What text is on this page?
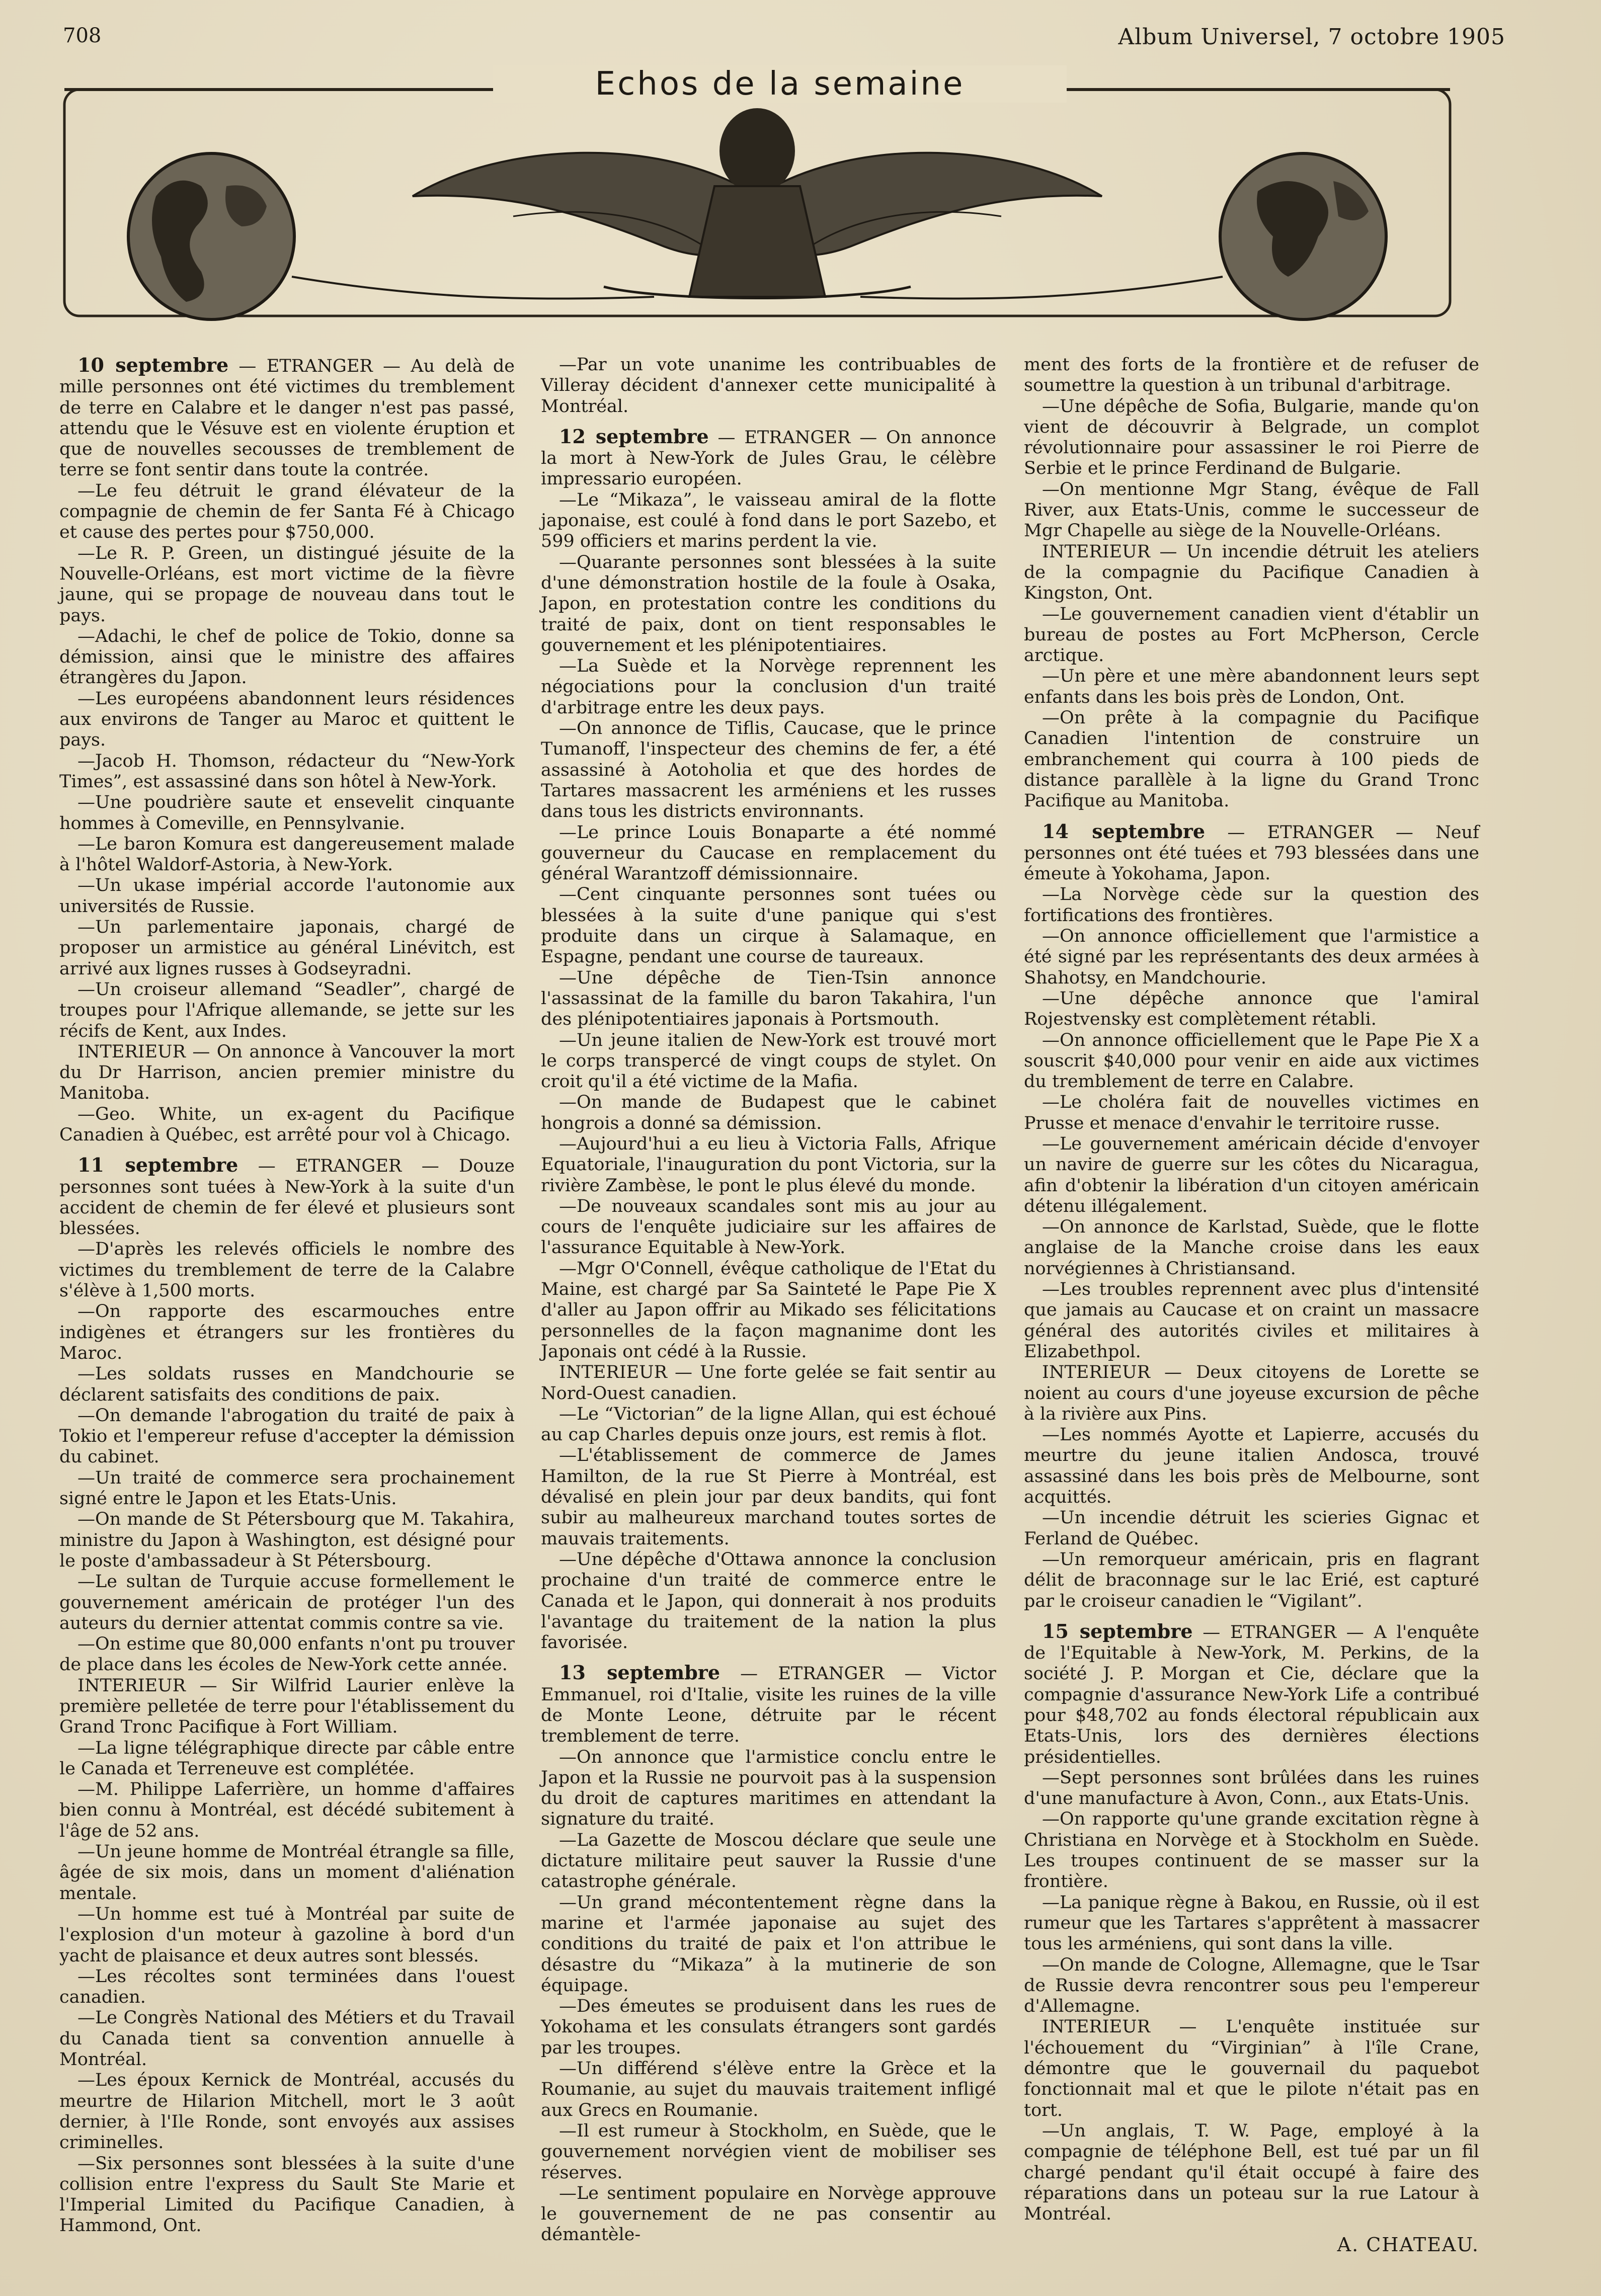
708	Album Universel, 7 octobre 1905
Echos de la semaine

10 septembre — ETRANGER — Au delà de mille personnes ont été victimes du tremblement de terre en Calabre et le danger n'est pas passé, attendu que le Vésuve est en violente éruption et que de nouvelles secousses de tremblement de terre se font sentir dans toute la contrée.

—Le feu détruit le grand élévateur de la compagnie de chemin de fer Santa Fé à Chicago et cause des pertes pour $750,000.

—Le R. P. Green, un distingué jésuite de la Nouvelle-Orléans, est mort victime de la fièvre jaune, qui se propage de nouveau dans tout le pays.

—Adachi, le chef de police de Tokio, donne sa démission, ainsi que le ministre des affaires étrangères du Japon.

—Les européens abandonnent leurs résidences aux environs de Tanger au Maroc et quittent le pays.

—Jacob H. Thomson, rédacteur du “New-York Times”, est assassiné dans son hôtel à New-York.

—Une poudrière saute et ensevelit cinquante hommes à Comeville, en Pennsylvanie.

—Le baron Komura est dangereusement malade à l'hôtel Waldorf-Astoria, à New-York.

—Un ukase impérial accorde l'autonomie aux universités de Russie.

—Un parlementaire japonais, chargé de proposer un armistice au général Linévitch, est arrivé aux lignes russes à Godseyradni.

—Un croiseur allemand “Seadler”, chargé de troupes pour l'Afrique allemande, se jette sur les récifs de Kent, aux Indes.

INTERIEUR — On annonce à Vancouver la mort du Dr Harrison, ancien premier ministre du Manitoba.

—Geo. White, un ex-agent du Pacifique Canadien à Québec, est arrêté pour vol à Chicago.

11 septembre — ETRANGER — Douze personnes sont tuées à New-York à la suite d'un accident de chemin de fer élevé et plusieurs sont blessées.

—D'après les relevés officiels le nombre des victimes du tremblement de terre de la Calabre s'élève à 1,500 morts.

—On rapporte des escarmouches entre indigènes et étrangers sur les frontières du Maroc.

—Les soldats russes en Mandchourie se déclarent satisfaits des conditions de paix.

—On demande l'abrogation du traité de paix à Tokio et l'empereur refuse d'accepter la démission du cabinet.

—Un traité de commerce sera prochainement signé entre le Japon et les Etats-Unis.

—On mande de St Pétersbourg que M. Takahira, ministre du Japon à Washington, est désigné pour le poste d'ambassadeur à St Pétersbourg.

—Le sultan de Turquie accuse formellement le gouvernement américain de protéger l'un des auteurs du dernier attentat commis contre sa vie.

—On estime que 80,000 enfants n'ont pu trouver de place dans les écoles de New-York cette année.

INTERIEUR — Sir Wilfrid Laurier enlève la première pelletée de terre pour l'établissement du Grand Tronc Pacifique à Fort William.

—La ligne télégraphique directe par câble entre le Canada et Terreneuve est complétée.

—M. Philippe Laferrière, un homme d'affaires bien connu à Montréal, est décédé subitement à l'âge de 52 ans.

—Un jeune homme de Montréal étrangle sa fille, âgée de six mois, dans un moment d'aliénation mentale.

—Un homme est tué à Montréal par suite de l'explosion d'un moteur à gazoline à bord d'un yacht de plaisance et deux autres sont blessés.

—Les récoltes sont terminées dans l'ouest canadien.

—Le Congrès National des Métiers et du Travail du Canada tient sa convention annuelle à Montréal.

—Les époux Kernick de Montréal, accusés du meurtre de Hilarion Mitchell, mort le 3 août dernier, à l'Ile Ronde, sont envoyés aux assises criminelles.

—Six personnes sont blessées à la suite d'une collision entre l'express du Sault Ste Marie et l'Imperial Limited du Pacifique Canadien, à Hammond, Ont.

—Par un vote unanime les contribuables de Villeray décident d'annexer cette municipalité à Montréal.

12 septembre — ETRANGER — On annonce la mort à New-York de Jules Grau, le célèbre impressario européen.

—Le “Mikaza”, le vaisseau amiral de la flotte japonaise, est coulé à fond dans le port Sazebo, et 599 officiers et marins perdent la vie.

—Quarante personnes sont blessées à la suite d'une démonstration hostile de la foule à Osaka, Japon, en protestation contre les conditions du traité de paix, dont on tient responsables le gouvernement et les plénipotentiaires.

—La Suède et la Norvège reprennent les négociations pour la conclusion d'un traité d'arbitrage entre les deux pays.

—On annonce de Tiflis, Caucase, que le prince Tumanoff, l'inspecteur des chemins de fer, a été assassiné à Aotoholia et que des hordes de Tartares massacrent les arméniens et les russes dans tous les districts environnants.

—Le prince Louis Bonaparte a été nommé gouverneur du Caucase en remplacement du général Warantzoff démissionnaire.

—Cent cinquante personnes sont tuées ou blessées à la suite d'une panique qui s'est produite dans un cirque à Salamaque, en Espagne, pendant une course de taureaux.

—Une dépêche de Tien-Tsin annonce l'assassinat de la famille du baron Takahira, l'un des plénipotentiaires japonais à Portsmouth.

—Un jeune italien de New-York est trouvé mort le corps transpercé de vingt coups de stylet. On croit qu'il a été victime de la Mafia.

—On mande de Budapest que le cabinet hongrois a donné sa démission.

—Aujourd'hui a eu lieu à Victoria Falls, Afrique Equatoriale, l'inauguration du pont Victoria, sur la rivière Zambèse, le pont le plus élevé du monde.

—De nouveaux scandales sont mis au jour au cours de l'enquête judiciaire sur les affaires de l'assurance Equitable à New-York.

—Mgr O'Connell, évêque catholique de l'Etat du Maine, est chargé par Sa Sainteté le Pape Pie X d'aller au Japon offrir au Mikado ses félicitations personnelles de la façon magnanime dont les Japonais ont cédé à la Russie.

INTERIEUR — Une forte gelée se fait sentir au Nord-Ouest canadien.

—Le “Victorian” de la ligne Allan, qui est échoué au cap Charles depuis onze jours, est remis à flot.

—L'établissement de commerce de James Hamilton, de la rue St Pierre à Montréal, est dévalisé en plein jour par deux bandits, qui font subir au malheureux marchand toutes sortes de mauvais traitements.

—Une dépêche d'Ottawa annonce la conclusion prochaine d'un traité de commerce entre le Canada et le Japon, qui donnerait à nos produits l'avantage du traitement de la nation la plus favorisée.

13 septembre — ETRANGER — Victor Emmanuel, roi d'Italie, visite les ruines de la ville de Monte Leone, détruite par le récent tremblement de terre.

—On annonce que l'armistice conclu entre le Japon et la Russie ne pourvoit pas à la suspension du droit de captures maritimes en attendant la signature du traité.

—La Gazette de Moscou déclare que seule une dictature militaire peut sauver la Russie d'une catastrophe générale.

—Un grand mécontentement règne dans la marine et l'armée japonaise au sujet des conditions du traité de paix et l'on attribue le désastre du “Mikaza” à la mutinerie de son équipage.

—Des émeutes se produisent dans les rues de Yokohama et les consulats étrangers sont gardés par les troupes.

—Un différend s'élève entre la Grèce et la Roumanie, au sujet du mauvais traitement infligé aux Grecs en Roumanie.

—Il est rumeur à Stockholm, en Suède, que le gouvernement norvégien vient de mobiliser ses réserves.

—Le sentiment populaire en Norvège approuve le gouvernement de ne pas consentir au démantèle-

ment des forts de la frontière et de refuser de soumettre la question à un tribunal d'arbitrage.

—Une dépêche de Sofia, Bulgarie, mande qu'on vient de découvrir à Belgrade, un complot révolutionnaire pour assassiner le roi Pierre de Serbie et le prince Ferdinand de Bulgarie.

—On mentionne Mgr Stang, évêque de Fall River, aux Etats-Unis, comme le successeur de Mgr Chapelle au siège de la Nouvelle-Orléans.

INTERIEUR — Un incendie détruit les ateliers de la compagnie du Pacifique Canadien à Kingston, Ont.

—Le gouvernement canadien vient d'établir un bureau de postes au Fort McPherson, Cercle arctique.

—Un père et une mère abandonnent leurs sept enfants dans les bois près de London, Ont.

—On prête à la compagnie du Pacifique Canadien l'intention de construire un embranchement qui courra à 100 pieds de distance parallèle à la ligne du Grand Tronc Pacifique au Manitoba.

14 septembre — ETRANGER — Neuf personnes ont été tuées et 793 blessées dans une émeute à Yokohama, Japon.

—La Norvège cède sur la question des fortifications des frontières.

—On annonce officiellement que l'armistice a été signé par les représentants des deux armées à Shahotsy, en Mandchourie.

—Une dépêche annonce que l'amiral Rojestvensky est complètement rétabli.

—On annonce officiellement que le Pape Pie X a souscrit $40,000 pour venir en aide aux victimes du tremblement de terre en Calabre.

—Le choléra fait de nouvelles victimes en Prusse et menace d'envahir le territoire russe.

—Le gouvernement américain décide d'envoyer un navire de guerre sur les côtes du Nicaragua, afin d'obtenir la libération d'un citoyen américain détenu illégalement.

—On annonce de Karlstad, Suède, que le flotte anglaise de la Manche croise dans les eaux norvégiennes à Christiansand.

—Les troubles reprennent avec plus d'intensité que jamais au Caucase et on craint un massacre général des autorités civiles et militaires à Elizabethpol.

INTERIEUR — Deux citoyens de Lorette se noient au cours d'une joyeuse excursion de pêche à la rivière aux Pins.

—Les nommés Ayotte et Lapierre, accusés du meurtre du jeune italien Andosca, trouvé assassiné dans les bois près de Melbourne, sont acquittés.

—Un incendie détruit les scieries Gignac et Ferland de Québec.

—Un remorqueur américain, pris en flagrant délit de braconnage sur le lac Erié, est capturé par le croiseur canadien le “Vigilant”.

15 septembre — ETRANGER — A l'enquête de l'Equitable à New-York, M. Perkins, de la société J. P. Morgan et Cie, déclare que la compagnie d'assurance New-York Life a contribué pour $48,702 au fonds électoral républicain aux Etats-Unis, lors des dernières élections présidentielles.

—Sept personnes sont brûlées dans les ruines d'une manufacture à Avon, Conn., aux Etats-Unis.

—On rapporte qu'une grande excitation règne à Christiana en Norvège et à Stockholm en Suède. Les troupes continuent de se masser sur la frontière.

—La panique règne à Bakou, en Russie, où il est rumeur que les Tartares s'apprêtent à massacrer tous les arméniens, qui sont dans la ville.

—On mande de Cologne, Allemagne, que le Tsar de Russie devra rencontrer sous peu l'empereur d'Allemagne.

INTERIEUR — L'enquête instituée sur l'échouement du “Virginian” à l'île Crane, démontre que le gouvernail du paquebot fonctionnait mal et que le pilote n'était pas en tort.

—Un anglais, T. W. Page, employé à la compagnie de téléphone Bell, est tué par un fil chargé pendant qu'il était occupé à faire des réparations dans un poteau sur la rue Latour à Montréal.

A. CHATEAU.
